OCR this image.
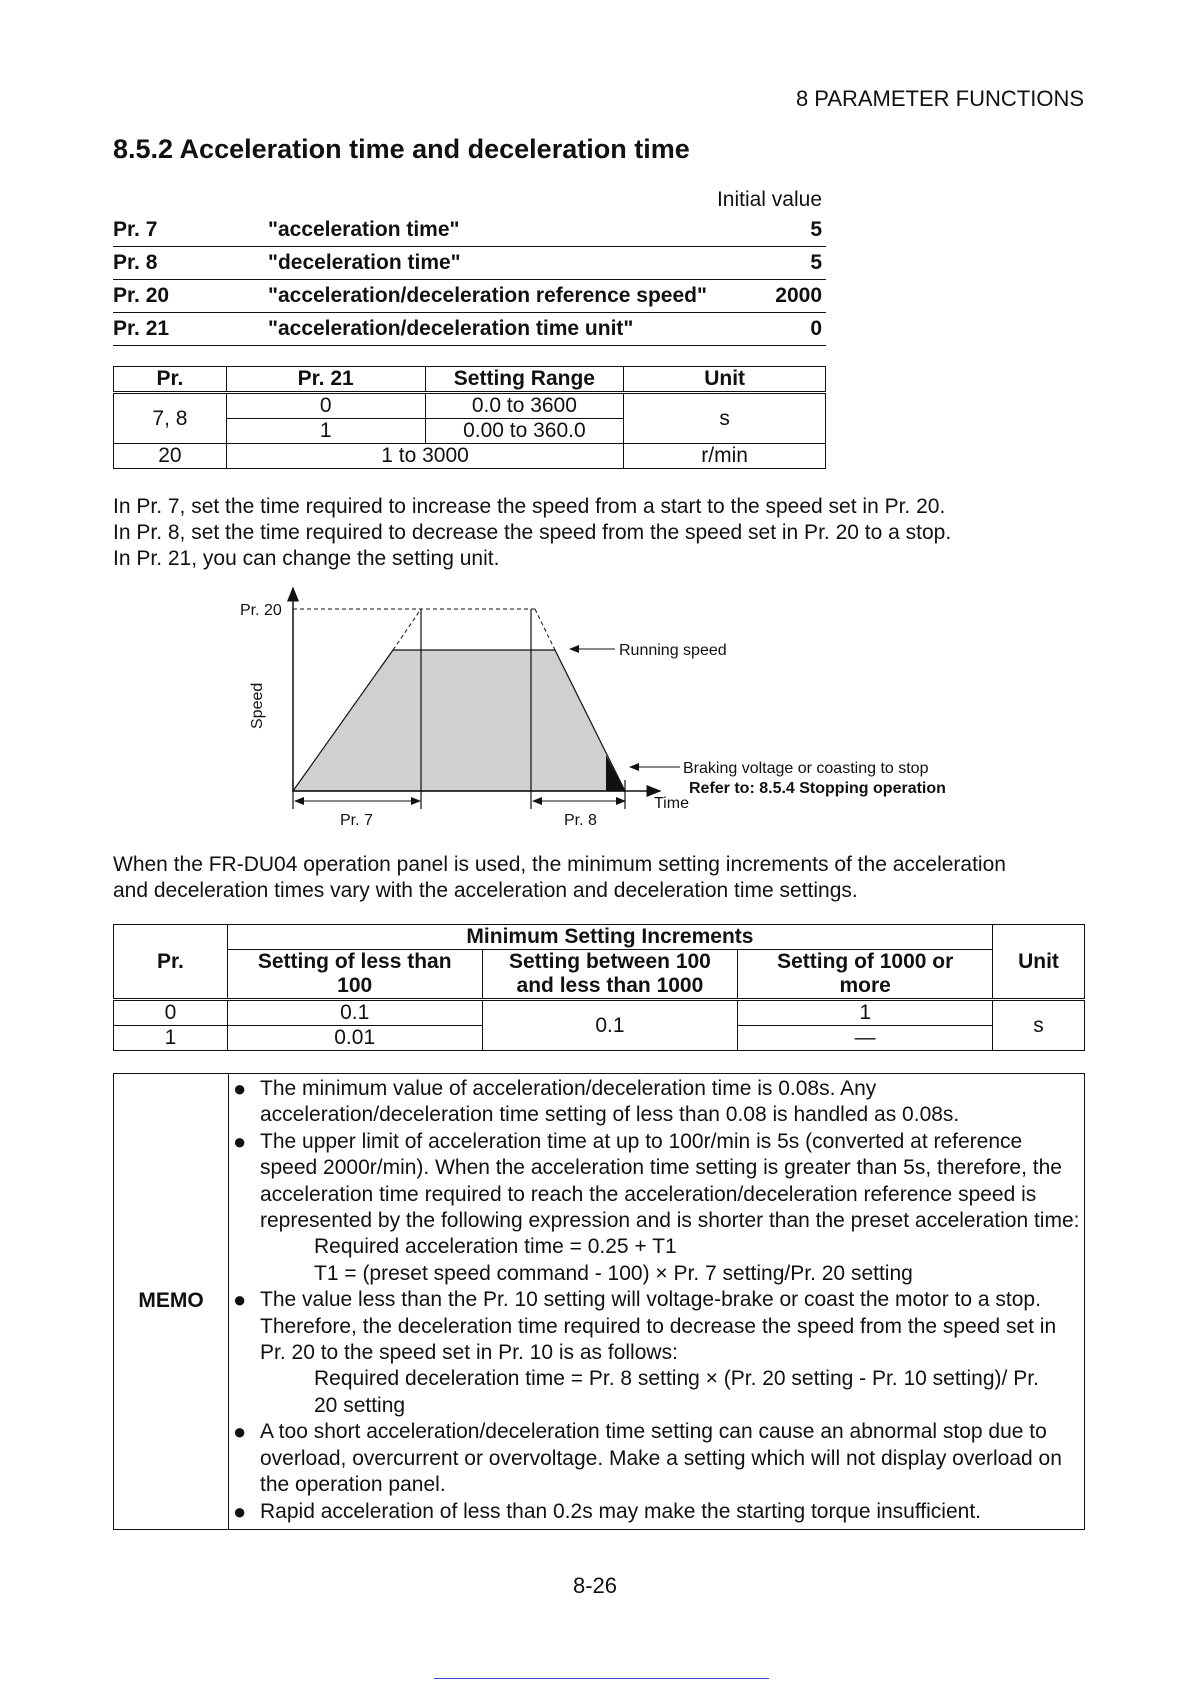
8 PARAMETER FUNCTIONS
8.5.2 Acceleration time and deceleration time
Initial value
Pr. 7	"acceleration time"	5
Pr. 8	"deceleration time"	5
Pr. 20	"acceleration/deceleration reference speed"	2000
Pr. 21	"acceleration/deceleration time unit"	0
Pr.	Pr. 21	Setting Range	Unit
7, 8	0	0.0 to 3600	s
	1	0.00 to 360.0	
20	1 to 3000		r/min
In Pr. 7, set the time required to increase the speed from a start to the speed set in Pr. 20.
In Pr. 8, set the time required to decrease the speed from the speed set in Pr. 20 to a stop.
In Pr. 21, you can change the setting unit.
Pr. 20
Speed
Running speed
Braking voltage or coasting to stop
Refer to: 8.5.4 Stopping operation
Time
Pr. 7	Pr. 8
When the FR-DU04 operation panel is used, the minimum setting increments of the acceleration
and deceleration times vary with the acceleration and deceleration time settings.
Pr.	Minimum Setting Increments			Unit
	Setting of less than 100	Setting between 100 and less than 1000	Setting of 1000 or more	
0	0.1	0.1	1	s
1	0.01		—	
MEMO	
● The minimum value of acceleration/deceleration time is 0.08s. Any acceleration/deceleration time setting of less than 0.08 is handled as 0.08s.
● The upper limit of acceleration time at up to 100r/min is 5s (converted at reference speed 2000r/min). When the acceleration time setting is greater than 5s, therefore, the acceleration time required to reach the acceleration/deceleration reference speed is represented by the following expression and is shorter than the preset acceleration time:
Required acceleration time = 0.25 + T1
T1 = (preset speed command - 100) × Pr. 7 setting/Pr. 20 setting
● The value less than the Pr. 10 setting will voltage-brake or coast the motor to a stop. Therefore, the deceleration time required to decrease the speed from the speed set in Pr. 20 to the speed set in Pr. 10 is as follows:
Required deceleration time = Pr. 8 setting × (Pr. 20 setting - Pr. 10 setting)/ Pr. 20 setting
● A too short acceleration/deceleration time setting can cause an abnormal stop due to overload, overcurrent or overvoltage. Make a setting which will not display overload on the operation panel.
● Rapid acceleration of less than 0.2s may make the starting torque insufficient.
8-26
